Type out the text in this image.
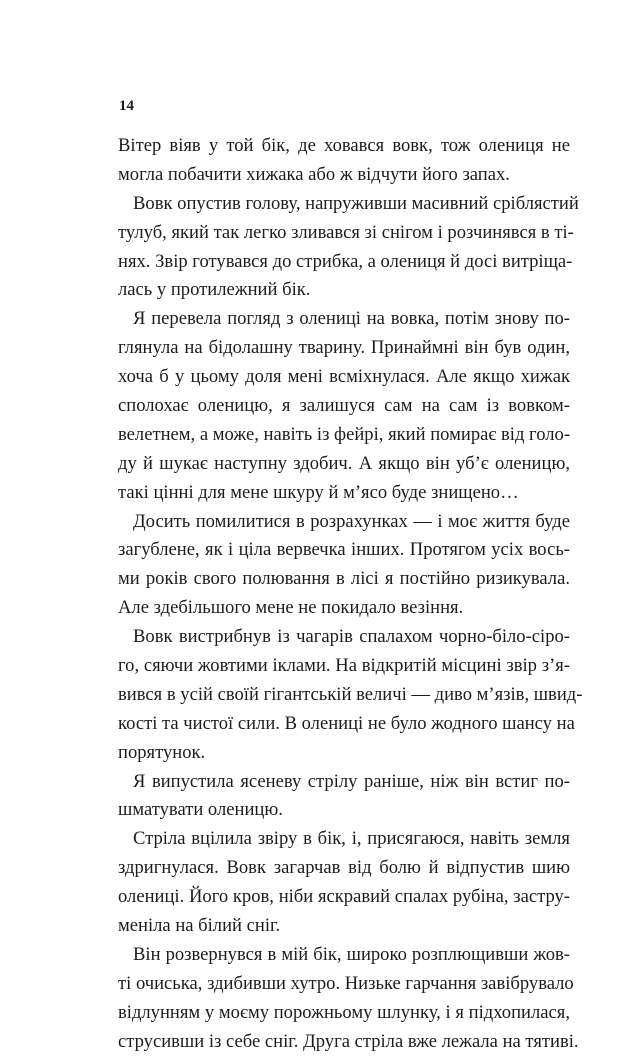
14
Вітер віяв у той бік, де ховався вовк, тож олениця не
могла побачити хижака або ж відчути його запах.
Вовк опустив голову, напруживши масивний сріблястий
тулуб, який так легко зливався зі снігом і розчинявся в ті-
нях. Звір готувався до стрибка, а олениця й досі витріща-
лась у протилежний бік.
Я перевела погляд з олениці на вовка, потім знову по-
глянула на бідолашну тварину. Принаймні він був один,
хоча б у цьому доля мені всміхнулася. Але якщо хижак
сполохає оленицю, я залишуся сам на сам із вовком-
велетнем, а може, навіть із фейрі, який помирає від голо-
ду й шукає наступну здобич. А якщо він уб’є оленицю,
такі цінні для мене шкуру й м’ясо буде знищено…
Досить помилитися в розрахунках — і моє життя буде
загублене, як і ціла вервечка інших. Протягом усіх вось-
ми років свого полювання в лісі я постійно ризикувала.
Але здебільшого мене не покидало везіння.
Вовк вистрибнув із чагарів спалахом чорно-біло-сіро-
го, сяючи жовтими іклами. На відкритій місцині звір з’я-
вився в усій своїй гігантській величі — диво м’язів, швид-
кості та чистої сили. В олениці не було жодного шансу на
порятунок.
Я випустила ясеневу стрілу раніше, ніж він встиг по-
шматувати оленицю.
Стріла вцілила звіру в бік, і, присягаюся, навіть земля
здригнулася. Вовк загарчав від болю й відпустив шию
олениці. Його кров, ніби яскравий спалах рубіна, застру-
меніла на білий сніг.
Він розвернувся в мій бік, широко розплющивши жов-
ті очиська, здибивши хутро. Низьке гарчання завібрувало
відлунням у моєму порожньому шлунку, і я підхопилася,
струсивши із себе сніг. Друга стріла вже лежала на тятиві.
